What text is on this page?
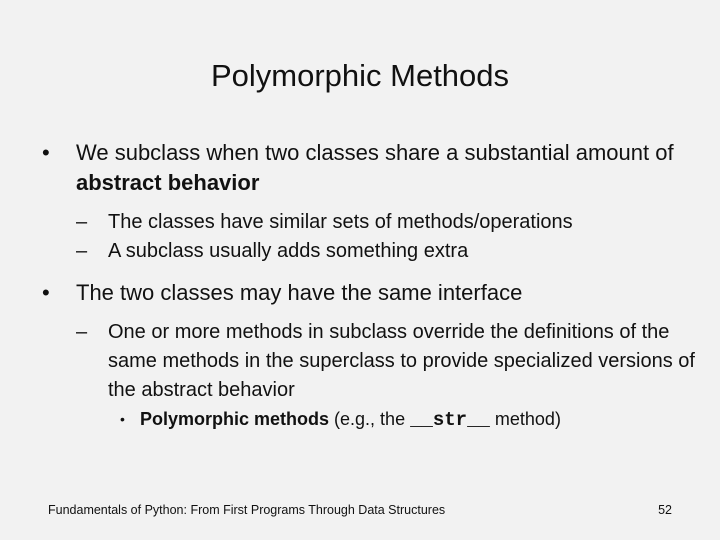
Polymorphic Methods
• We subclass when two classes share a substantial amount of abstract behavior
– The classes have similar sets of methods/operations
– A subclass usually adds something extra
• The two classes may have the same interface
– One or more methods in subclass override the definitions of the same methods in the superclass to provide specialized versions of the abstract behavior
• Polymorphic methods (e.g., the __str__ method)
Fundamentals of Python: From First Programs Through Data Structures	52
